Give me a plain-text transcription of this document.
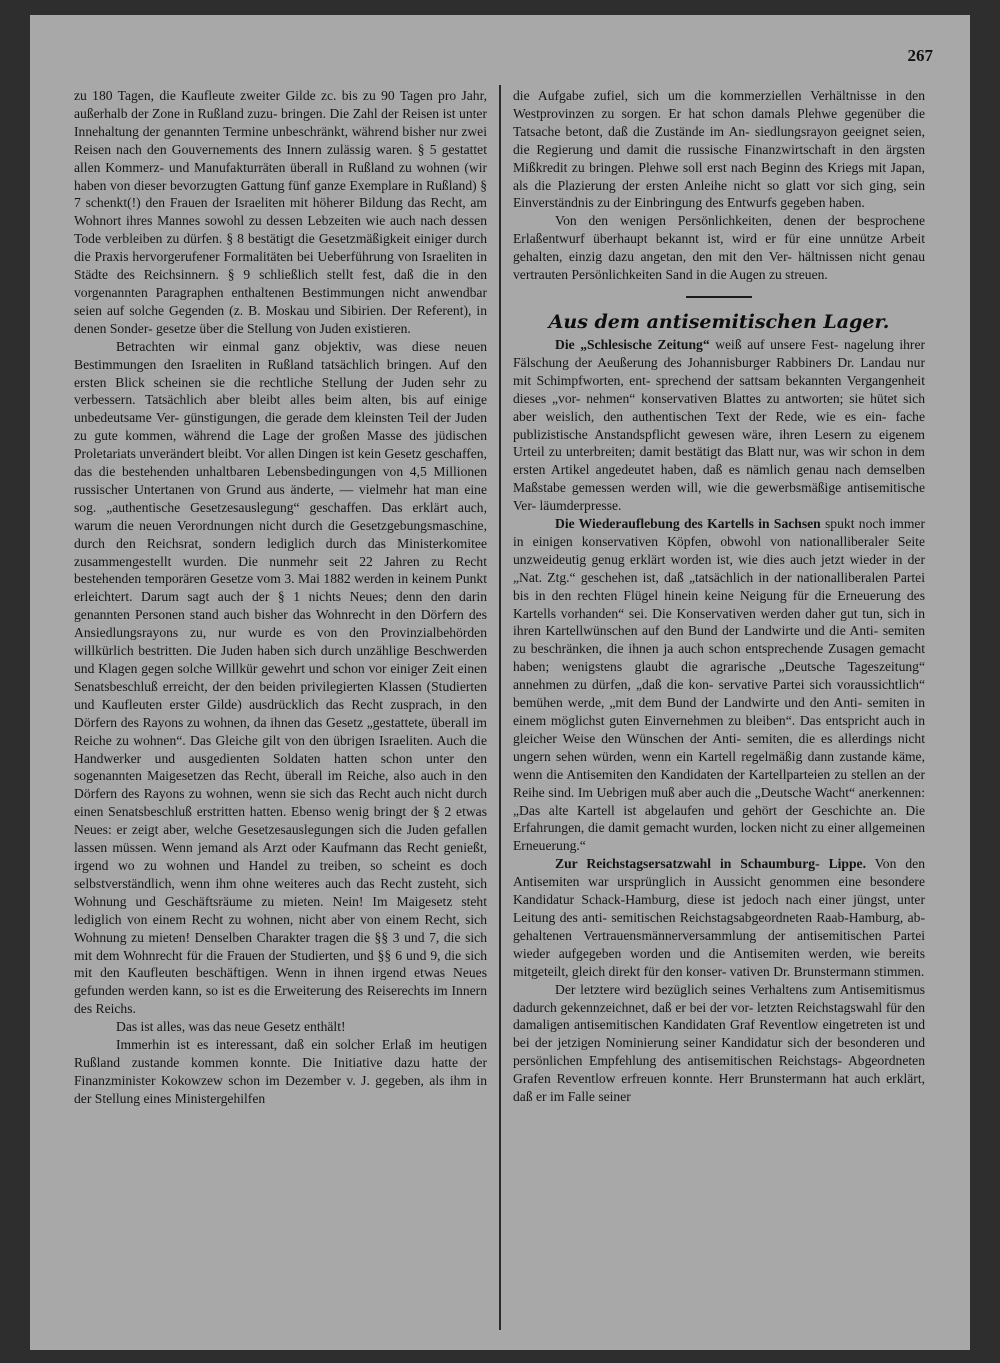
267

zu 180 Tagen, die Kaufleute zweiter Gilde zc. bis zu 90 Tagen pro Jahr, außerhalb der Zone in Rußland zuzu- bringen. Die Zahl der Reisen ist unter Innehaltung der genannten Termine unbeschränkt, während bisher nur zwei Reisen nach den Gouvernements des Innern zulässig waren. § 5 gestattet allen Kommerz- und Manufakturräten überall in Rußland zu wohnen (wir haben von dieser bevorzugten Gattung fünf ganze Exemplare in Rußland) § 7 schenkt(!) den Frauen der Israeliten mit höherer Bildung das Recht, am Wohnort ihres Mannes sowohl zu dessen Lebzeiten wie auch nach dessen Tode verbleiben zu dürfen. § 8 bestätigt die Gesetzmäßigkeit einiger durch die Praxis hervorgerufener Formalitäten bei Ueberführung von Israeliten in Städte des Reichsinnern. § 9 schließlich stellt fest, daß die in den vorgenannten Paragraphen enthaltenen Bestimmungen nicht anwendbar seien auf solche Gegenden (z. B. Moskau und Sibirien. Der Referent), in denen Sonder- gesetze über die Stellung von Juden existieren.

Betrachten wir einmal ganz objektiv, was diese neuen Bestimmungen den Israeliten in Rußland tatsächlich bringen. Auf den ersten Blick scheinen sie die rechtliche Stellung der Juden sehr zu verbessern. Tatsächlich aber bleibt alles beim alten, bis auf einige unbedeutsame Ver- günstigungen, die gerade dem kleinsten Teil der Juden zu gute kommen, während die Lage der großen Masse des jüdischen Proletariats unverändert bleibt. Vor allen Dingen ist kein Gesetz geschaffen, das die bestehenden unhaltbaren Lebensbedingungen von 4,5 Millionen russischer Untertanen von Grund aus änderte, — vielmehr hat man eine sog. „authentische Gesetzesauslegung“ geschaffen. Das erklärt auch, warum die neuen Verordnungen nicht durch die Gesetzgebungsmaschine, durch den Reichsrat, sondern lediglich durch das Ministerkomitee zusammengestellt wurden. Die nunmehr seit 22 Jahren zu Recht bestehenden temporären Gesetze vom 3. Mai 1882 werden in keinem Punkt erleichtert. Darum sagt auch der § 1 nichts Neues; denn den darin genannten Personen stand auch bisher das Wohnrecht in den Dörfern des Ansiedlungsrayons zu, nur wurde es von den Provinzialbehörden willkürlich bestritten. Die Juden haben sich durch unzählige Beschwerden und Klagen gegen solche Willkür gewehrt und schon vor einiger Zeit einen Senatsbeschluß erreicht, der den beiden privilegierten Klassen (Studierten und Kaufleuten erster Gilde) ausdrücklich das Recht zusprach, in den Dörfern des Rayons zu wohnen, da ihnen das Gesetz „gestattete, überall im Reiche zu wohnen“. Das Gleiche gilt von den übrigen Israeliten. Auch die Handwerker und ausgedienten Soldaten hatten schon unter den sogenannten Maigesetzen das Recht, überall im Reiche, also auch in den Dörfern des Rayons zu wohnen, wenn sie sich das Recht auch nicht durch einen Senatsbeschluß erstritten hatten. Ebenso wenig bringt der § 2 etwas Neues: er zeigt aber, welche Gesetzesauslegungen sich die Juden gefallen lassen müssen. Wenn jemand als Arzt oder Kaufmann das Recht genießt, irgend wo zu wohnen und Handel zu treiben, so scheint es doch selbstverständlich, wenn ihm ohne weiteres auch das Recht zusteht, sich Wohnung und Geschäftsräume zu mieten. Nein! Im Maigesetz steht lediglich von einem Recht zu wohnen, nicht aber von einem Recht, sich Wohnung zu mieten! Denselben Charakter tragen die §§ 3 und 7, die sich mit dem Wohnrecht für die Frauen der Studierten, und §§ 6 und 9, die sich mit den Kaufleuten beschäftigen. Wenn in ihnen irgend etwas Neues gefunden werden kann, so ist es die Erweiterung des Reiserechts im Innern des Reichs.

Das ist alles, was das neue Gesetz enthält!

Immerhin ist es interessant, daß ein solcher Erlaß im heutigen Rußland zustande kommen konnte. Die Initiative dazu hatte der Finanzminister Kokowzew schon im Dezember v. J. gegeben, als ihm in der Stellung eines Ministergehilfen

die Aufgabe zufiel, sich um die kommerziellen Verhältnisse in den Westprovinzen zu sorgen. Er hat schon damals Plehwe gegenüber die Tatsache betont, daß die Zustände im An- siedlungsrayon geeignet seien, die Regierung und damit die russische Finanzwirtschaft in den ärgsten Mißkredit zu bringen. Plehwe soll erst nach Beginn des Kriegs mit Japan, als die Plazierung der ersten Anleihe nicht so glatt vor sich ging, sein Einverständnis zu der Einbringung des Entwurfs gegeben haben.

Von den wenigen Persönlichkeiten, denen der besprochene Erlaßentwurf überhaupt bekannt ist, wird er für eine unnütze Arbeit gehalten, einzig dazu angetan, den mit den Ver- hältnissen nicht genau vertrauten Persönlichkeiten Sand in die Augen zu streuen.

Aus dem antisemitischen Lager.

Die „Schlesische Zeitung“ weiß auf unsere Fest- nagelung ihrer Fälschung der Aeußerung des Johannisburger Rabbiners Dr. Landau nur mit Schimpfworten, ent- sprechend der sattsam bekannten Vergangenheit dieses „vor- nehmen“ konservativen Blattes zu antworten; sie hütet sich aber weislich, den authentischen Text der Rede, wie es ein- fache publizistische Anstandspflicht gewesen wäre, ihren Lesern zu eigenem Urteil zu unterbreiten; damit bestätigt das Blatt nur, was wir schon in dem ersten Artikel angedeutet haben, daß es nämlich genau nach demselben Maßstabe gemessen werden will, wie die gewerbsmäßige antisemitische Ver- läumderpresse.

Die Wiederauflebung des Kartells in Sachsen spukt noch immer in einigen konservativen Köpfen, obwohl von nationalliberaler Seite unzweideutig genug erklärt worden ist, wie dies auch jetzt wieder in der „Nat. Ztg.“ geschehen ist, daß „tatsächlich in der nationalliberalen Partei bis in den rechten Flügel hinein keine Neigung für die Erneuerung des Kartells vorhanden“ sei. Die Konservativen werden daher gut tun, sich in ihren Kartellwünschen auf den Bund der Landwirte und die Anti- semiten zu beschränken, die ihnen ja auch schon entsprechende Zusagen gemacht haben; wenigstens glaubt die agrarische „Deutsche Tageszeitung“ annehmen zu dürfen, „daß die kon- servative Partei sich voraussichtlich“ bemühen werde, „mit dem Bund der Landwirte und den Anti- semiten in einem möglichst guten Einvernehmen zu bleiben“. Das entspricht auch in gleicher Weise den Wünschen der Anti- semiten, die es allerdings nicht ungern sehen würden, wenn ein Kartell regelmäßig dann zustande käme, wenn die Antisemiten den Kandidaten der Kartellparteien zu stellen an der Reihe sind. Im Uebrigen muß aber auch die „Deutsche Wacht“ anerkennen: „Das alte Kartell ist abgelaufen und gehört der Geschichte an. Die Erfahrungen, die damit gemacht wurden, locken nicht zu einer allgemeinen Erneuerung.“

Zur Reichstagsersatzwahl in Schaumburg- Lippe. Von den Antisemiten war ursprünglich in Aussicht genommen eine besondere Kandidatur Schack-Hamburg, diese ist jedoch nach einer jüngst, unter Leitung des anti- semitischen Reichstagsabgeordneten Raab-Hamburg, ab- gehaltenen Vertrauensmännerversammlung der antisemitischen Partei wieder aufgegeben worden und die Antisemiten werden, wie bereits mitgeteilt, gleich direkt für den konser- vativen Dr. Brunstermann stimmen.

Der letztere wird bezüglich seines Verhaltens zum Antisemitismus dadurch gekennzeichnet, daß er bei der vor- letzten Reichstagswahl für den damaligen antisemitischen Kandidaten Graf Reventlow eingetreten ist und bei der jetzigen Nominierung seiner Kandidatur sich der besonderen und persönlichen Empfehlung des antisemitischen Reichstags- Abgeordneten Grafen Reventlow erfreuen konnte. Herr Brunstermann hat auch erklärt, daß er im Falle seiner
